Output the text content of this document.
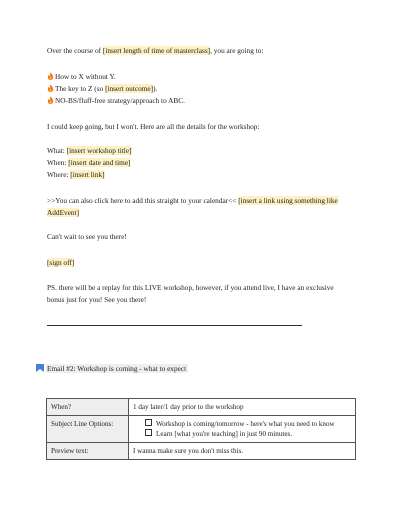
Over the course of [insert length of time of masterclass], you are going to:
How to X without Y.
The key to Z (so [insert outcome]).
NO-BS/fluff-free strategy/approach to ABC.
I could keep going, but I won't. Here are all the details for the workshop:
What: [insert workshop title]
When: [insert date and time]
Where: [insert link]
>>You can also click here to add this straight to your calendar<< [insert a link using something like
AddEvent]
Can't wait to see you there!
[sign off]
PS. there will be a replay for this LIVE workshop, however, if you attend live, I have an exclusive
bonus just for you! See you there!
Email #2: Workshop is coming - what to expect
When?	1 day later/1 day prior to the workshop
Subject Line Options:	Workshop is coming/tomorrow - here's what you need to know
Learn [what you're teaching] in just 90 minutes.

Preview text:	I wanna make sure you don't miss this.
